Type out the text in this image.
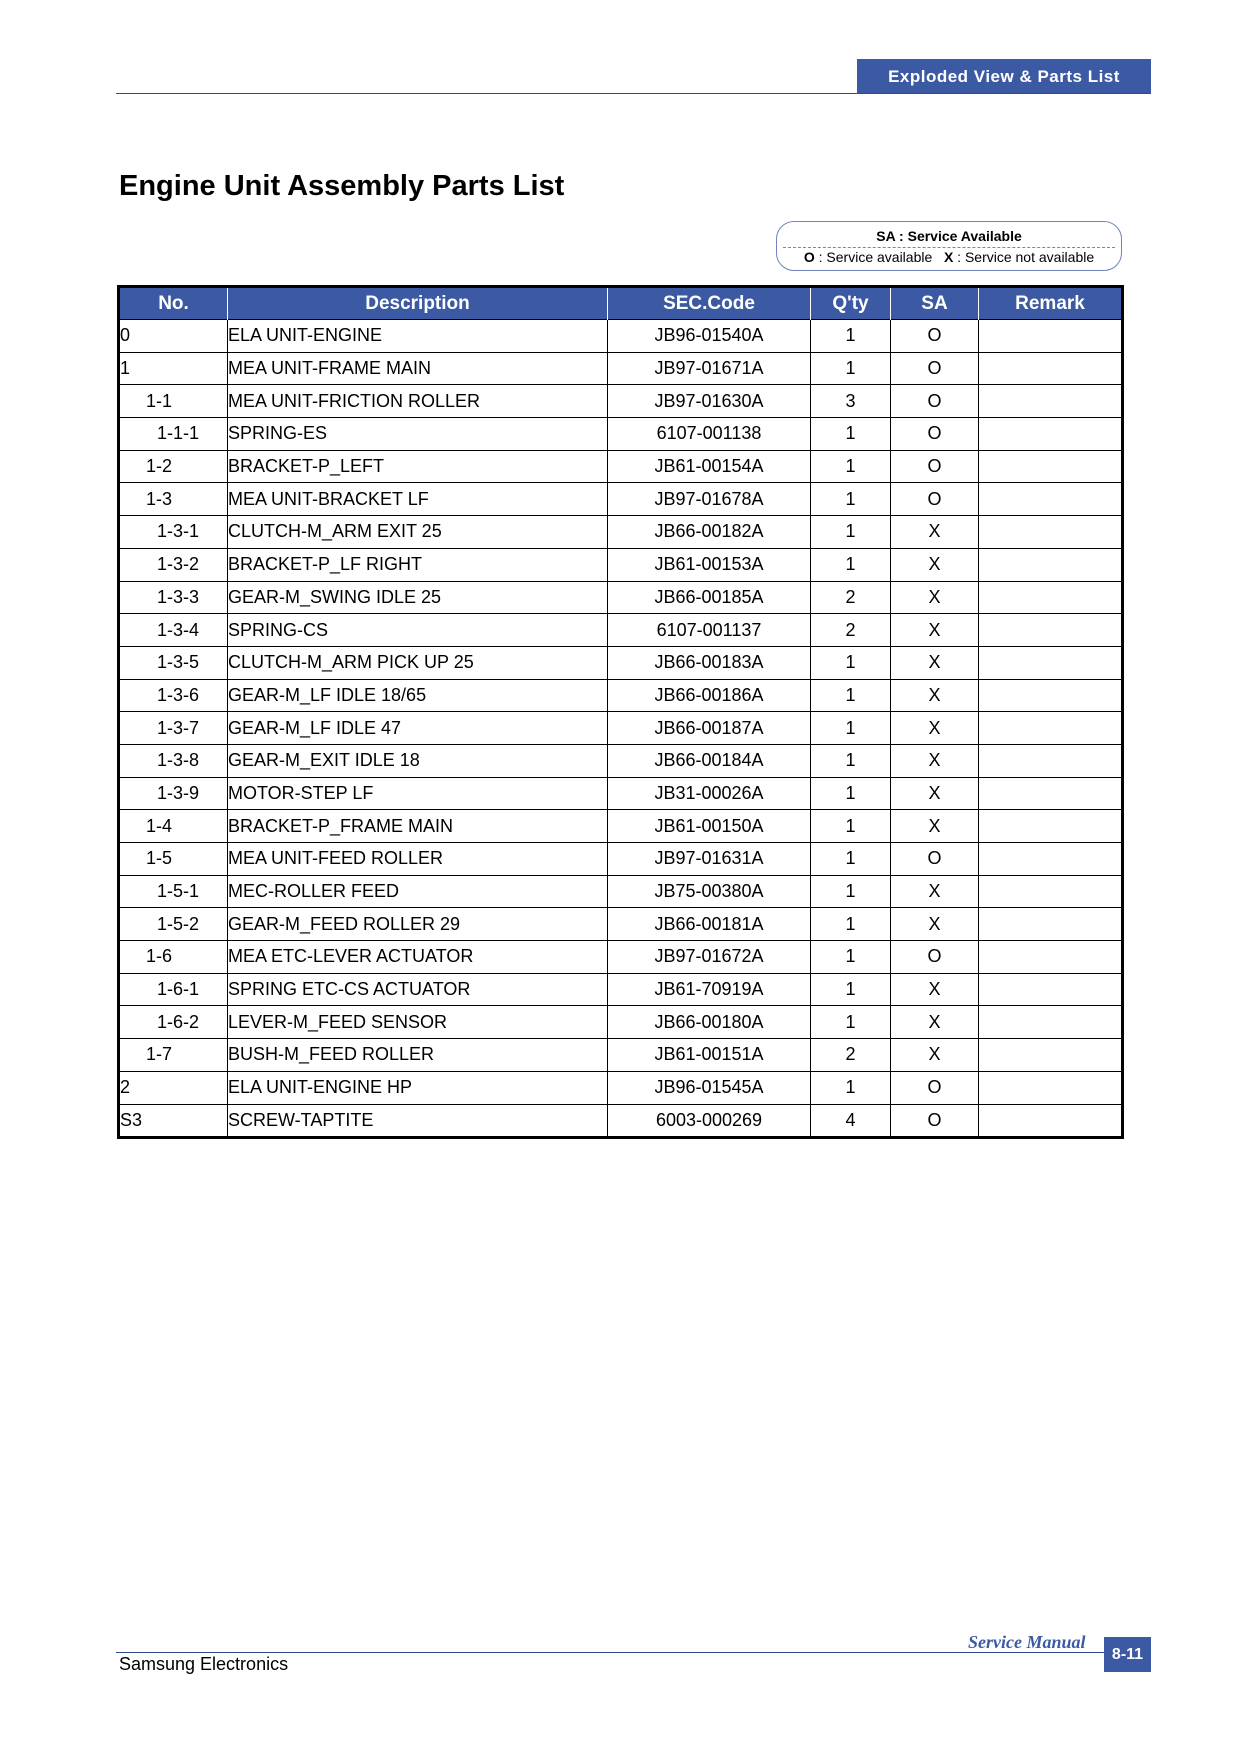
Exploded View & Parts List
Engine Unit Assembly Parts List
SA : Service Available
O : Service available X : Service not available
No.	Description	SEC.Code	Q'ty	SA	Remark
0	ELA UNIT-ENGINE	JB96-01540A	1	O	
1	MEA UNIT-FRAME MAIN	JB97-01671A	1	O	
1-1	MEA UNIT-FRICTION ROLLER	JB97-01630A	3	O	
1-1-1	SPRING-ES	6107-001138	1	O	
1-2	BRACKET-P_LEFT	JB61-00154A	1	O	
1-3	MEA UNIT-BRACKET LF	JB97-01678A	1	O	
1-3-1	CLUTCH-M_ARM EXIT 25	JB66-00182A	1	X	
1-3-2	BRACKET-P_LF RIGHT	JB61-00153A	1	X	
1-3-3	GEAR-M_SWING IDLE 25	JB66-00185A	2	X	
1-3-4	SPRING-CS	6107-001137	2	X	
1-3-5	CLUTCH-M_ARM PICK UP 25	JB66-00183A	1	X	
1-3-6	GEAR-M_LF IDLE 18/65	JB66-00186A	1	X	
1-3-7	GEAR-M_LF IDLE 47	JB66-00187A	1	X	
1-3-8	GEAR-M_EXIT IDLE 18	JB66-00184A	1	X	
1-3-9	MOTOR-STEP LF	JB31-00026A	1	X	
1-4	BRACKET-P_FRAME MAIN	JB61-00150A	1	X	
1-5	MEA UNIT-FEED ROLLER	JB97-01631A	1	O	
1-5-1	MEC-ROLLER FEED	JB75-00380A	1	X	
1-5-2	GEAR-M_FEED ROLLER 29	JB66-00181A	1	X	
1-6	MEA ETC-LEVER ACTUATOR	JB97-01672A	1	O	
1-6-1	SPRING ETC-CS ACTUATOR	JB61-70919A	1	X	
1-6-2	LEVER-M_FEED SENSOR	JB66-00180A	1	X	
1-7	BUSH-M_FEED ROLLER	JB61-00151A	2	X	
2	ELA UNIT-ENGINE HP	JB96-01545A	1	O	
S3	SCREW-TAPTITE	6003-000269	4	O	
Service Manual
8-11
Samsung Electronics
